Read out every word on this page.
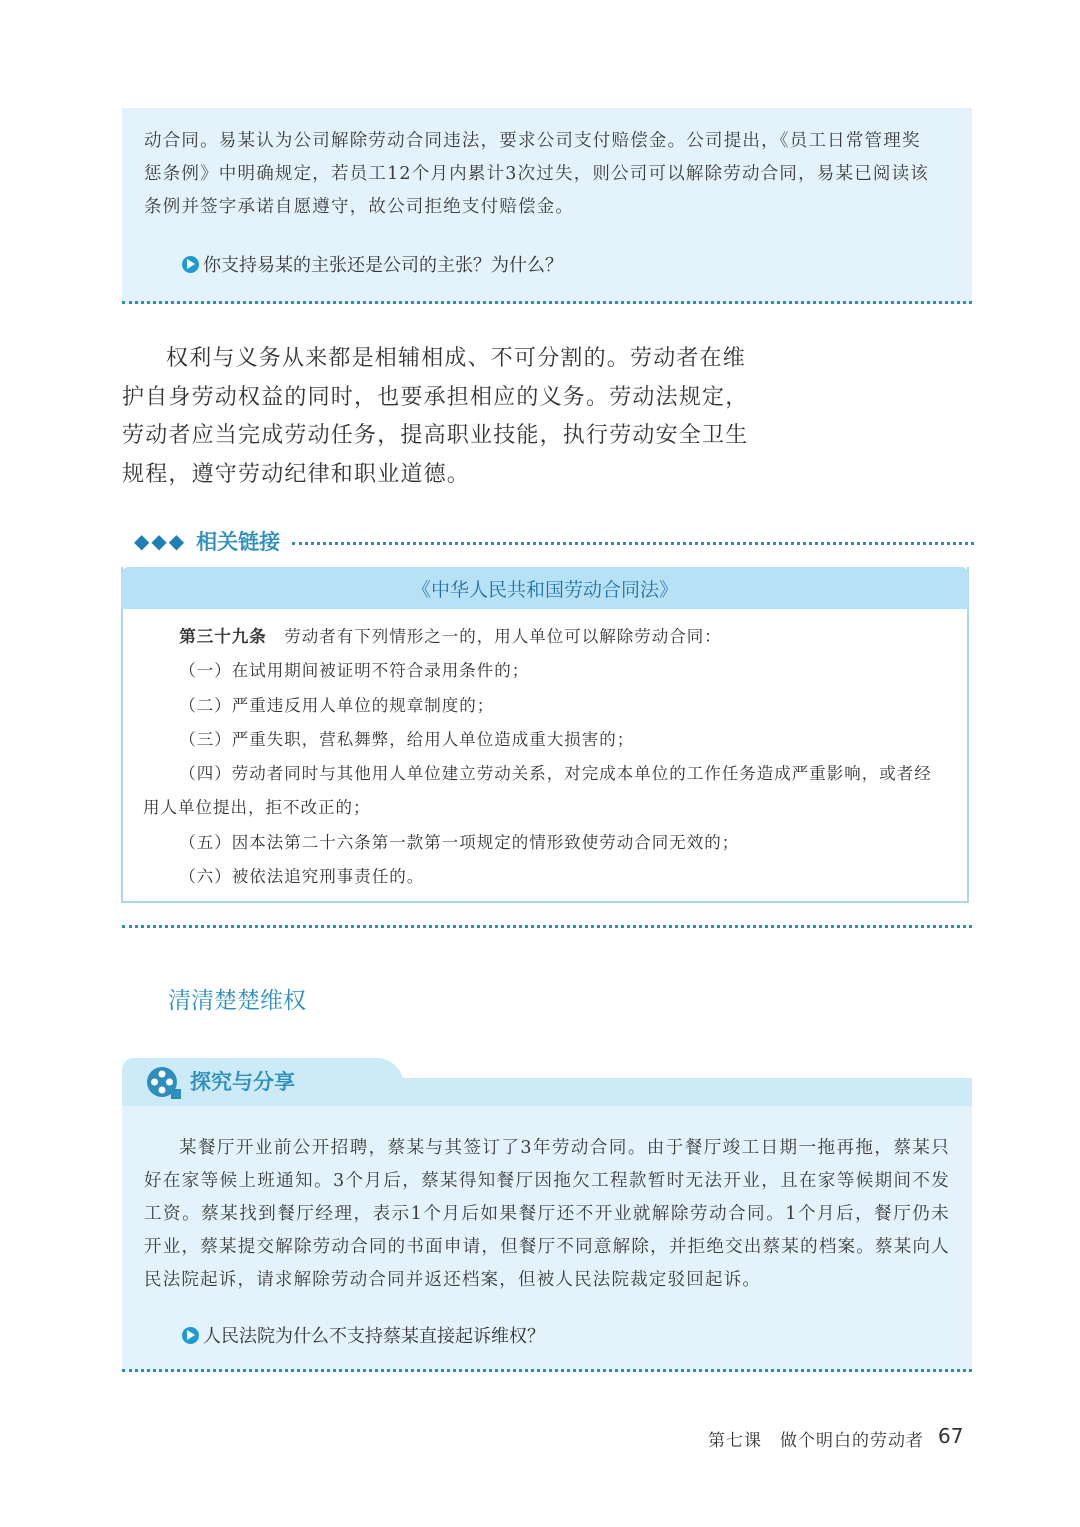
动合同。易某认为公司解除劳动合同违法，要求公司支付赔偿金。公司提出，《员工日常管理奖

惩条例》中明确规定，若员工12个月内累计3次过失，则公司可以解除劳动合同，易某已阅读该

条例并签字承诺自愿遵守，故公司拒绝支付赔偿金。

你支持易某的主张还是公司的主张？为什么？

权利与义务从来都是相辅相成、不可分割的。劳动者在维护自身劳动权益的同时，也要承担相应的义务。劳动法规定，劳动者应当完成劳动任务，提高职业技能，执行劳动安全卫生规程，遵守劳动纪律和职业道德。

◆◆◆ 相关链接
《中华人民共和国劳动合同法》

第三十九条　 劳动者有下列情形之一的，用人单位可以解除劳动合同：

（一）在试用期间被证明不符合录用条件的；

（二）严重违反用人单位的规章制度的；

（三）严重失职，营私舞弊，给用人单位造成重大损害的；

（四）劳动者同时与其他用人单位建立劳动关系，对完成本单位的工作任务造成严重影响，或者经用人单位提出，拒不改正的；

（五）因本法第二十六条第一款第一项规定的情形致使劳动合同无效的；

（六）被依法追究刑事责任的。

清清楚楚维权
探究与分享

某餐厅开业前公开招聘，蔡某与其签订了3年劳动合同。由于餐厅竣工日期一拖再拖，蔡某只好在家等候上班通知。3个月后，蔡某得知餐厅因拖欠工程款暂时无法开业，且在家等候期间不发工资。蔡某找到餐厅经理，表示1个月后如果餐厅还不开业就解除劳动合同。1个月后，餐厅仍未开业，蔡某提交解除劳动合同的书面申请，但餐厅不同意解除，并拒绝交出蔡某的档案。蔡某向人民法院起诉，请求解除劳动合同并返还档案，但被人民法院裁定驳回起诉。

人民法院为什么不支持蔡某直接起诉维权？
第七课　做个明白的劳动者 67
